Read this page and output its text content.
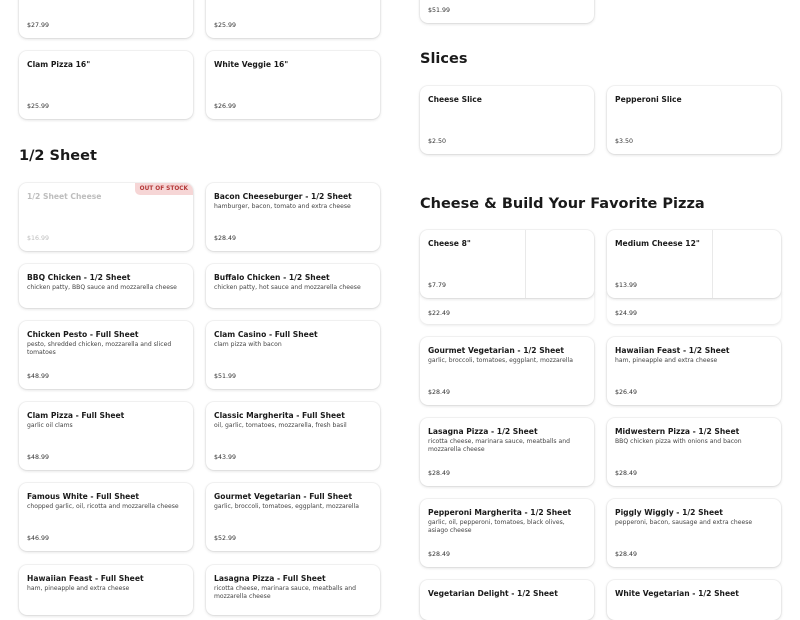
$27.99	$25.99
$51.99
Clam Pizza 16"
$25.99
White Veggie 16"
$26.99
Slices
Cheese Slice
$2.50
Pepperoni Slice
$3.50
1/2 Sheet
OUT OF STOCK
1/2 Sheet Cheese
$16.99
Bacon Cheeseburger - 1/2 Sheet
hamburger, bacon, tomato and extra cheese
$28.49
BBQ Chicken - 1/2 Sheet
chicken patty, BBQ sauce and mozzarella cheese
Buffalo Chicken - 1/2 Sheet
chicken patty, hot sauce and mozzarella cheese
Chicken Pesto - Full Sheet
pesto, shredded chicken, mozzarella and sliced tomatoes
$48.99
Clam Casino - Full Sheet
clam pizza with bacon
$51.99
Clam Pizza - Full Sheet
garlic oil clams
$48.99
Classic Margherita - Full Sheet
oil, garlic, tomatoes, mozzarella, fresh basil
$43.99
Famous White - Full Sheet
chopped garlic, oil, ricotta and mozzarella cheese
$46.99
Gourmet Vegetarian - Full Sheet
garlic, broccoli, tomatoes, eggplant, mozzarella
$52.99
Hawaiian Feast - Full Sheet
ham, pineapple and extra cheese
Lasagna Pizza - Full Sheet
ricotta cheese, marinara sauce, meatballs and mozzarella cheese
Cheese & Build Your Favorite Pizza
$22.49	$24.99
Cheese 8"
$7.79
Medium Cheese 12"
$13.99
Gourmet Vegetarian - 1/2 Sheet
garlic, broccoli, tomatoes, eggplant, mozzarella
$28.49
Hawaiian Feast - 1/2 Sheet
ham, pineapple and extra cheese
$26.49
Lasagna Pizza - 1/2 Sheet
ricotta cheese, marinara sauce, meatballs and mozzarella cheese
$28.49
Midwestern Pizza - 1/2 Sheet
BBQ chicken pizza with onions and bacon
$28.49
Pepperoni Margherita - 1/2 Sheet
garlic, oil, pepperoni, tomatoes, black olives, asiago cheese
$28.49
Piggly Wiggly - 1/2 Sheet
pepperoni, bacon, sausage and extra cheese
$28.49
Vegetarian Delight - 1/2 Sheet	White Vegetarian - 1/2 Sheet
